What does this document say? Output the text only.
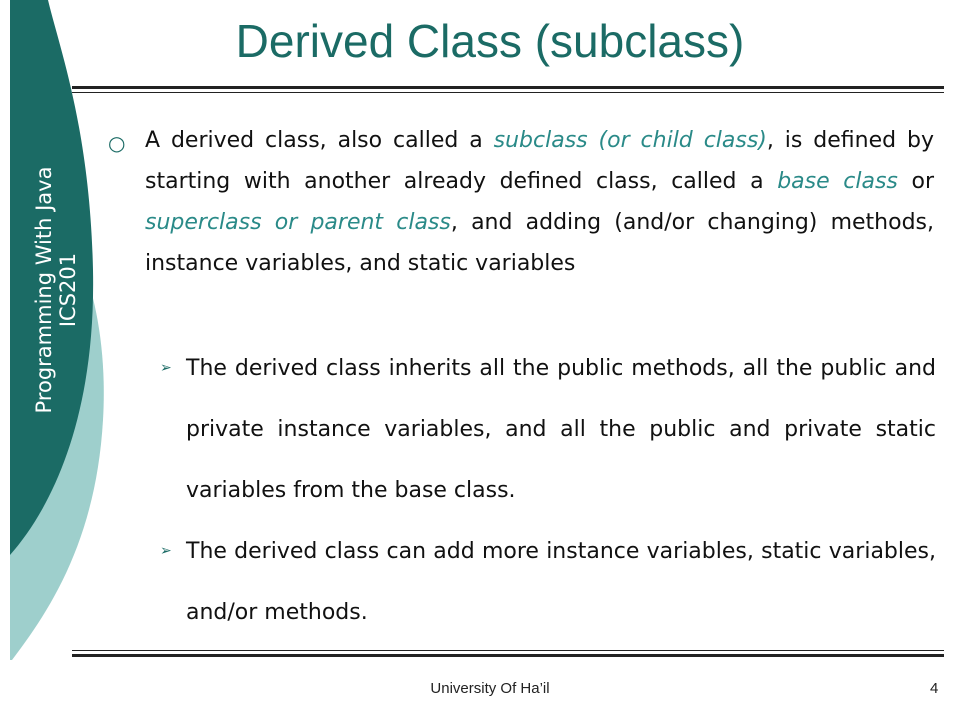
Programming With Java ICS201
Derived Class (subclass)
○ A derived class, also called a subclass (or child class), is defined by starting with another already defined class, called a base class or superclass or parent class, and adding (and/or changing) methods, instance variables, and static variables
➢ The derived class inherits all the public methods, all the public and private instance variables, and all the public and private static variables from the base class.
➢ The derived class can add more instance variables, static variables, and/or methods.
University Of Ha’il	4
